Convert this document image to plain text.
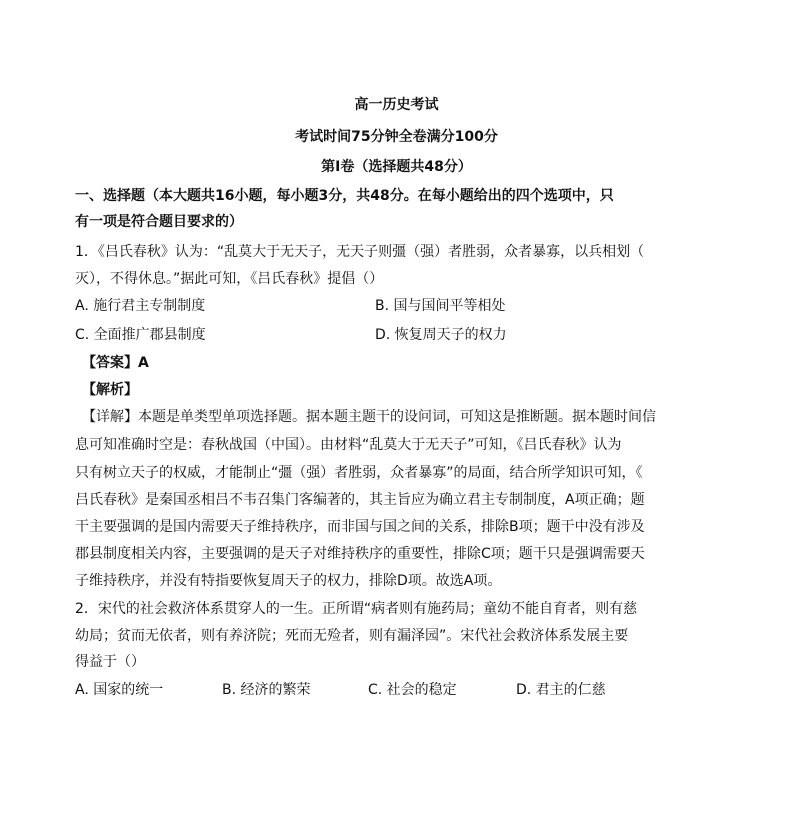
高一历史考试
考试时间75分钟全卷满分100分
第I卷（选择题共48分）
一、选择题（本大题共16小题，每小题3分，共48分。在每小题给出的四个选项中，只
有一项是符合题目要求的）
1．《吕氏春秋》认为：“乱莫大于无天子，无天子则彊（强）者胜弱，众者暴寡，以兵相划（
灭），不得休息。”据此可知，《吕氏春秋》提倡（）
A. 施行君主专制制度	B. 国与国间平等相处
C. 全面推广郡县制度	D. 恢复周天子的权力
【答案】A
【解析】
【详解】本题是单类型单项选择题。据本题主题干的设问词，可知这是推断题。据本题时间信
息可知准确时空是：春秋战国（中国）。由材料“乱莫大于无天子”可知，《吕氏春秋》认为
只有树立天子的权威，才能制止“彊（强）者胜弱，众者暴寡”的局面，结合所学知识可知，《
吕氏春秋》是秦国丞相吕不韦召集门客编著的，其主旨应为确立君主专制制度，A项正确；题
干主要强调的是国内需要天子维持秩序，而非国与国之间的关系，排除B项；题干中没有涉及
郡县制度相关内容，主要强调的是天子对维持秩序的重要性，排除C项；题干只是强调需要天
子维持秩序，并没有特指要恢复周天子的权力，排除D项。故选A项。
2．宋代的社会救济体系贯穿人的一生。正所谓“病者则有施药局；童幼不能自育者，则有慈
幼局；贫而无依者，则有养济院；死而无殓者，则有漏泽园”。宋代社会救济体系发展主要
得益于（）
A. 国家的统一	B. 经济的繁荣	C. 社会的稳定	D. 君主的仁慈
